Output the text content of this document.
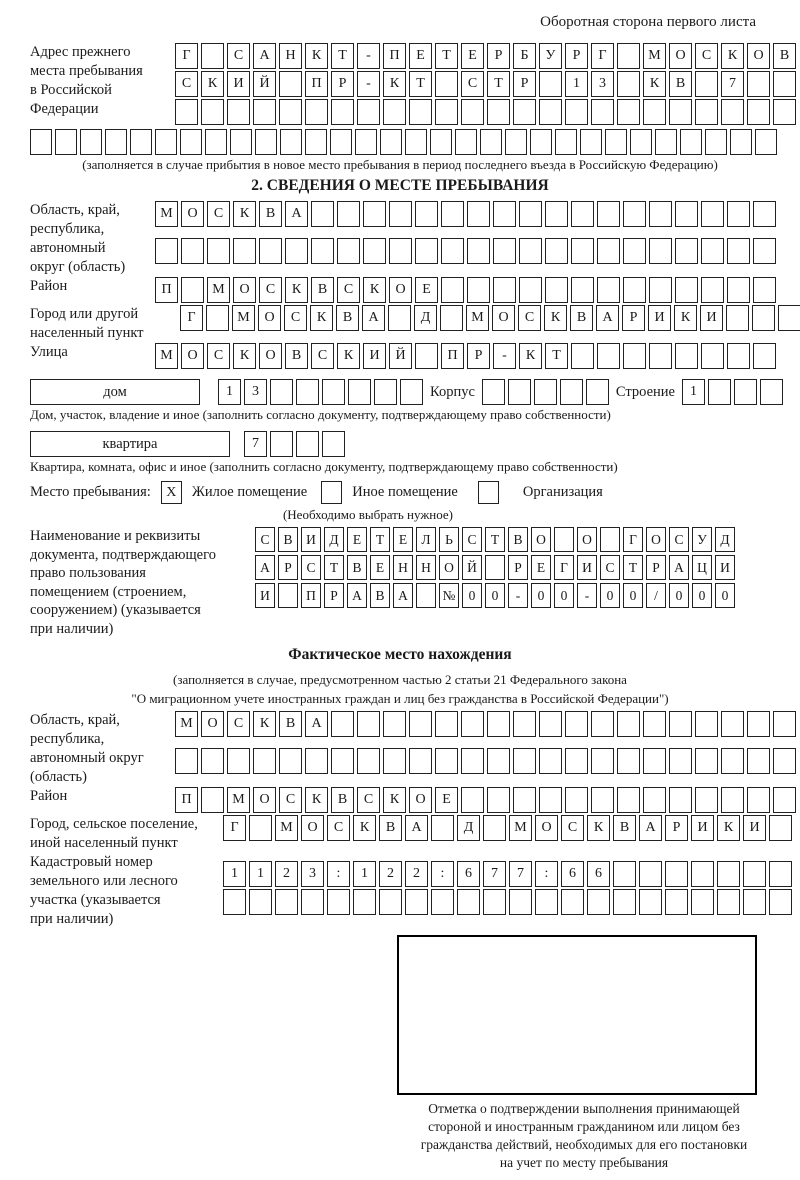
Оборотная сторона первого листа
Адрес прежнего
места пребывания
в Российской
Федерации
Г	С	А	Н	К	Т	-	П	Е	Т	Е	Р	Б	У	Р	Г	М	О	С	К	О	В
С	К	И	Й	П	Р	-	К	Т	С	Т	Р	1	3	К	В	7
(заполняется в случае прибытия в новое место пребывания в период последнего въезда в Российскую Федерацию)
2. СВЕДЕНИЯ О МЕСТЕ ПРЕБЫВАНИЯ
Область, край,
республика,
автономный
округ (область)
М	О	С	К	В	А
Район	П	М	О	С	К	В	С	К	О	Е
Город или другой
населенный пункт
Г	М	О	С	К	В	А	Д	М	О	С	К	В	А	Р	И	К	И
Улица	М	О	С	К	О	В	С	К	И	Й	П	Р	-	К	Т
дом	1	3	Корпус	Строение	1
Дом, участок, владение и иное (заполнить согласно документу, подтверждающему право собственности)
квартира	7
Квартира, комната, офис и иное (заполнить согласно документу, подтверждающему право собственности)
Место пребывания:	X	Жилое помещение	Иное помещение	Организация
(Необходимо выбрать нужное)
Наименование и реквизиты
документа, подтверждающего
право пользования
помещением (строением,
сооружением) (указывается
при наличии)
С	В	И	Д	Е	Т	Е	Л	Ь	С	Т	В	О	О	Г	О	С	У	Д
А	Р	С	Т	В	Е	Н Н О Й	Р	Е	Г	И	С	Т	Р	А Ц И
И	П	Р	А	В	А	№ 0	0	-	0	0	-	0	0	/	0	0	0
Фактическое место нахождения
(заполняется в случае, предусмотренном частью 2 статьи 21 Федерального закона
"О миграционном учете иностранных граждан и лиц без гражданства в Российской Федерации")
Область, край,
республика,
автономный округ
(область)
М	О	С	К	В	А
Район	П	М	О	С	К	В	С	К	О	Е
Город, сельское поселение,
иной населенный пункт
Г	М	О	С	К	В	А	Д	М	О	С	К	В	А	Р	И	К	И
Кадастровый номер
земельного или лесного
участка (указывается
при наличии)
1	1	2	3	:	1	2	2	:	6	7	7	:	6	6
Отметка о подтверждении выполнения принимающей
стороной и иностранным гражданином или лицом без
гражданства действий, необходимых для его постановки
на учет по месту пребывания
